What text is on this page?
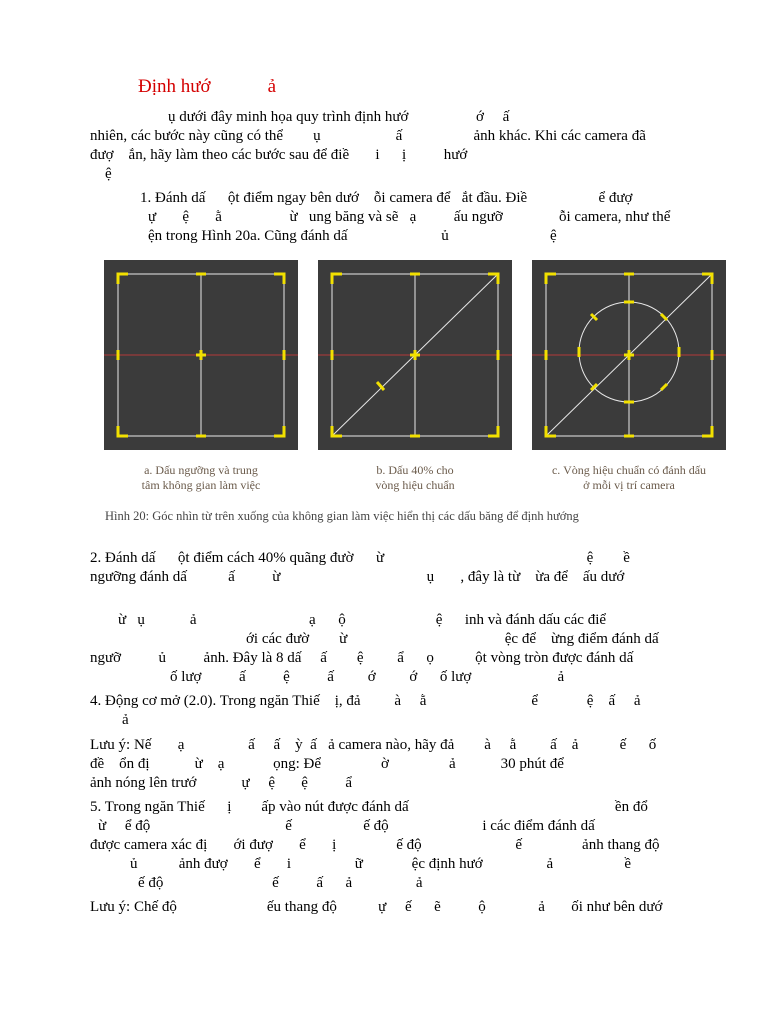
Định hướ            ả
ụ dưới đây minh họa quy trình định hướ                  ớ     ấ
nhiên, các bước này cũng có thể        ụ                    ấ                   ảnh khác. Khi các camera đã
đượ    ắn, hãy làm theo các bước sau để điề       i      ị          hướ
ệ
1. Đánh dấ      ột điểm ngay bên dướ    ỗi camera để   ắt đầu. Điề                   ể đượ
ự       ệ       ằ                  ừ   ung băng và sẽ   ạ          ấu ngưỡ               ỗi camera, như thể
ện trong Hình 20a. Cũng đánh dấ                         ủ                           ệ
a. Dấu ngưỡng và trung
tâm không gian làm việc
b. Dấu 40% cho
vòng hiệu chuẩn
c. Vòng hiệu chuẩn có đánh dấu
ở mỗi vị trí camera
Hình 20: Góc nhìn từ trên xuống của không gian làm việc hiển thị các dấu băng để định hướng
2. Đánh dấ      ột điểm cách 40% quãng đườ      ừ                                                      ệ        ề
ngưỡng đánh dấ           ấ          ừ                                       ụ       , đây là từ    ừa để    ấu dướ
ừ   ụ            ả                              ạ      ộ                        ệ      inh và đánh dấu các điể
ới các đườ        ừ                                          ệc để    ừng điểm đánh dấ
ngưỡ          ủ          ảnh. Đây là 8 dấ     ấ        ệ         ẩ      ọ           ột vòng tròn được đánh dấ
ố lượ          ấ          ệ          ấ         ớ         ớ      ố lượ                       ả
4. Động cơ mở (2.0). Trong ngăn Thiế    ị, đả         à     ằ                            ể             ệ    ấ     ả
ả
Lưu ý: Nế       ạ                 ấ     ấ    ỳ  ấ   ả camera nào, hãy đả        à     ằ         ấ    ả           ế      ố
đề    ổn đị            ừ    ạ             ọng: Để                ờ                ả            30 phút để
ảnh nóng lên trướ            ự     ệ       ệ          ẩ
5. Trong ngăn Thiế      ị        ấp vào nút được đánh dấ                                                       ền đổ
ừ     ể độ                                    ế                   ế độ                         i các điểm đánh dấ
được camera xác đị       ới đượ       ể       ị                ế độ                         ế                ảnh thang độ
ủ           ảnh đượ       ể       i                 ữ             ệc định hướ                 ả                   ề
ế độ                             ế          ấ      ả                 ả
Lưu ý: Chế độ                        ếu thang độ           ự     ế      ẽ          ộ              ả       ối như bên dướ
